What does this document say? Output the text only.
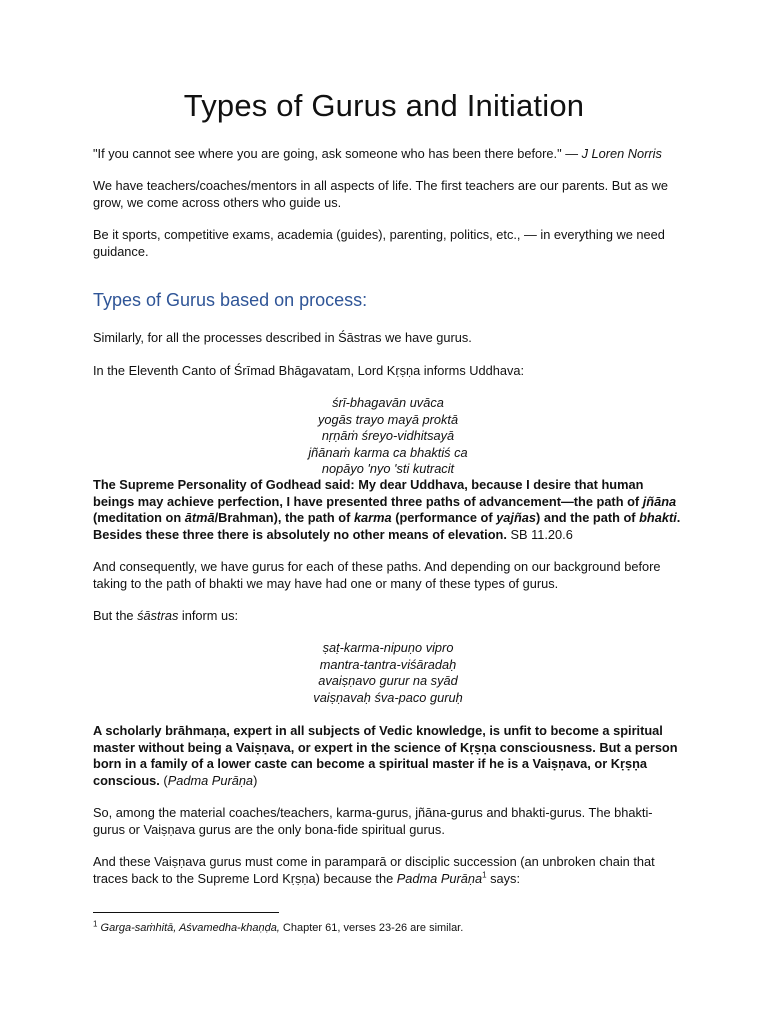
Types of Gurus and Initiation

"If you cannot see where you are going, ask someone who has been there before." — J Loren Norris

We have teachers/coaches/mentors in all aspects of life. The first teachers are our parents. But as we grow, we come across others who guide us.

Be it sports, competitive exams, academia (guides), parenting, politics, etc., — in everything we need guidance.

Types of Gurus based on process:

Similarly, for all the processes described in Śāstras we have gurus.

In the Eleventh Canto of Śrīmad Bhāgavatam, Lord Kṛṣṇa informs Uddhava:

śrī-bhagavān uvāca
yogās trayo mayā proktā
nṛṇāṁ śreyo-vidhitsayā
jñānaṁ karma ca bhaktiś ca
nopāyo 'nyo 'sti kutracit

The Supreme Personality of Godhead said: My dear Uddhava, because I desire that human beings may achieve perfection, I have presented three paths of advancement—the path of jñāna (meditation on ātmā/Brahman), the path of karma (performance of yajñas) and the path of bhakti. Besides these three there is absolutely no other means of elevation. SB 11.20.6

And consequently, we have gurus for each of these paths. And depending on our background before taking to the path of bhakti we may have had one or many of these types of gurus.

But the śāstras inform us:

ṣaṭ-karma-nipuṇo vipro
mantra-tantra-viśāradaḥ
avaiṣṇavo gurur na syād
vaiṣṇavaḥ śva-paco guruḥ

A scholarly brāhmaṇa, expert in all subjects of Vedic knowledge, is unfit to become a spiritual master without being a Vaiṣṇava, or expert in the science of Kṛṣṇa consciousness. But a person born in a family of a lower caste can become a spiritual master if he is a Vaiṣṇava, or Kṛṣṇa conscious. (Padma Purāṇa)

So, among the material coaches/teachers, karma-gurus, jñāna-gurus and bhakti-gurus. The bhakti-gurus or Vaiṣṇava gurus are the only bona-fide spiritual gurus.

And these Vaiṣṇava gurus must come in paramparā or disciplic succession (an unbroken chain that traces back to the Supreme Lord Kṛṣṇa) because the Padma Purāṇa$^1$ says:

$^1$ Garga-saṁhitā, Aśvamedha-khaṇḍa, Chapter 61, verses 23-26 are similar.
